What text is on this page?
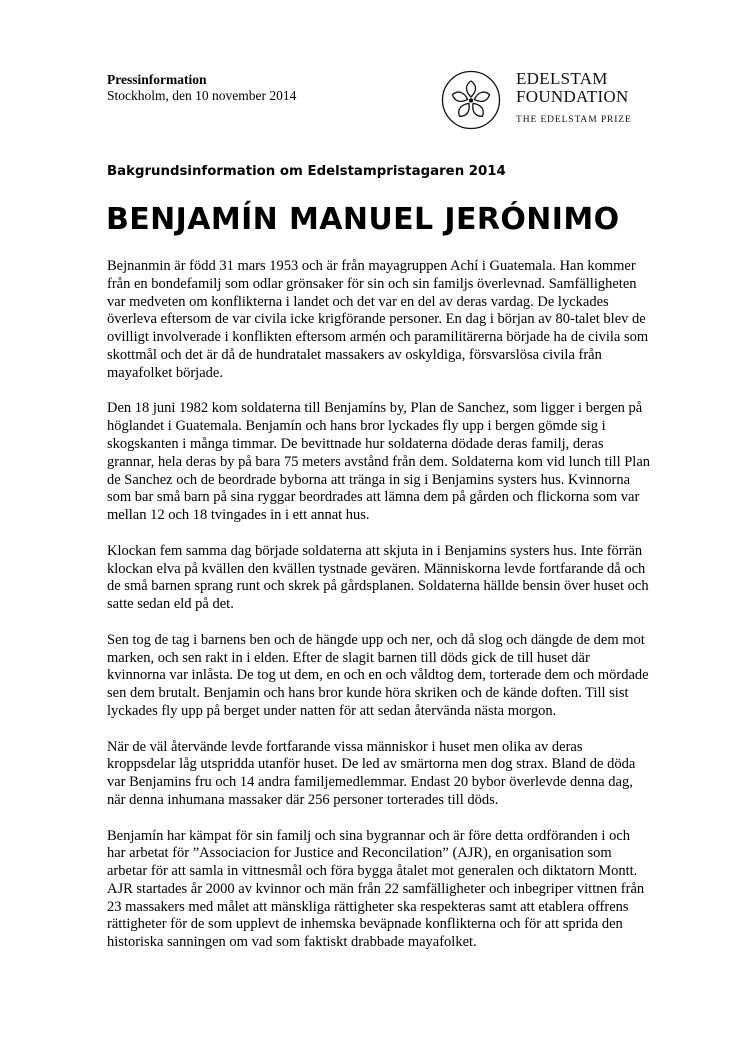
Pressinformation
Stockholm, den 10 november 2014
EDELSTAM
FOUNDATION
THE EDELSTAM PRIZE
Bakgrundsinformation om Edelstampristagaren 2014
BENJAMÍN MANUEL JERÓNIMO

Bejnanmin är född 31 mars 1953 och är från mayagruppen Achí i Guatemala. Han kommer från en bondefamilj som odlar grönsaker för sin och sin familjs överlevnad. Samfälligheten var medveten om konflikterna i landet och det var en del av deras vardag. De lyckades överleva eftersom de var civila icke krigförande personer. En dag i början av 80-talet blev de ovilligt involverade i konflikten eftersom armén och paramilitärerna började ha de civila som skottmål och det är då de hundratalet massakers av oskyldiga, försvarslösa civila från mayafolket började.

Den 18 juni 1982 kom soldaterna till Benjamíns by, Plan de Sanchez, som ligger i bergen på höglandet i Guatemala. Benjamín och hans bror lyckades fly upp i bergen gömde sig i skogskanten i många timmar. De bevittnade hur soldaterna dödade deras familj, deras grannar, hela deras by på bara 75 meters avstånd från dem. Soldaterna kom vid lunch till Plan de Sanchez och de beordrade byborna att tränga in sig i Benjamins systers hus. Kvinnorna som bar små barn på sina ryggar beordrades att lämna dem på gården och flickorna som var mellan 12 och 18 tvingades in i ett annat hus.

Klockan fem samma dag började soldaterna att skjuta in i Benjamins systers hus. Inte förrän klockan elva på kvällen den kvällen tystnade gevären. Människorna levde fortfarande då och de små barnen sprang runt och skrek på gårdsplanen. Soldaterna hällde bensin över huset och satte sedan eld på det.

Sen tog de tag i barnens ben och de hängde upp och ner, och då slog och dängde de dem mot marken, och sen rakt in i elden. Efter de slagit barnen till döds gick de till huset där kvinnorna var inlåsta. De tog ut dem, en och en och våldtog dem, torterade dem och mördade sen dem brutalt. Benjamin och hans bror kunde höra skriken och de kände doften. Till sist lyckades fly upp på berget under natten för att sedan återvända nästa morgon.

När de väl återvände levde fortfarande vissa människor i huset men olika av deras kroppsdelar låg utspridda utanför huset. De led av smärtorna men dog strax. Bland de döda var Benjamins fru och 14 andra familjemedlemmar. Endast 20 bybor överlevde denna dag, när denna inhumana massaker där 256 personer torterades till döds.

Benjamín har kämpat för sin familj och sina bygrannar och är före detta ordföranden i och har arbetat för ”Associacion for Justice and Reconcilation” (AJR), en organisation som arbetar för att samla in vittnesmål och föra bygga åtalet mot generalen och diktatorn Montt. AJR startades år 2000 av kvinnor och män från 22 samfälligheter och inbegriper vittnen från 23 massakers med målet att mänskliga rättigheter ska respekteras samt att etablera offrens rättigheter för de som upplevt de inhemska beväpnade konflikterna och för att sprida den historiska sanningen om vad som faktiskt drabbade mayafolket.
